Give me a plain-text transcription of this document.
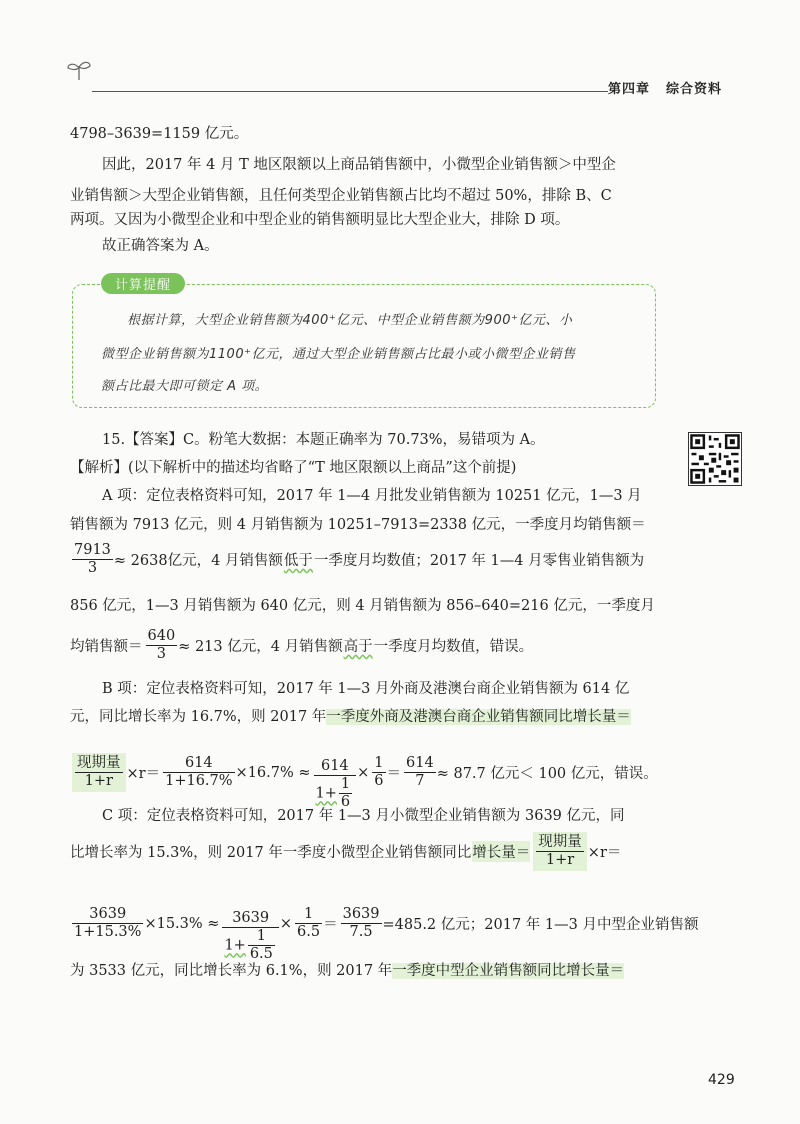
第四章 综合资料
4798–3639=1159 亿元。
因此，2017 年 4 月 T 地区限额以上商品销售额中，小微型企业销售额＞中型企
业销售额＞大型企业销售额，且任何类型企业销售额占比均不超过 50%，排除 B、C
两项。又因为小微型企业和中型企业的销售额明显比大型企业大，排除 D 项。
故正确答案为 A。
计算提醒
根据计算，大型企业销售额为400⁺亿元、中型企业销售额为900⁺亿元、小
微型企业销售额为1100⁺亿元，通过大型企业销售额占比最小或小微型企业销售
额占比最大即可锁定 A 项。
15.【答案】C。粉笔大数据：本题正确率为 70.73%，易错项为 A。
【解析】(以下解析中的描述均省略了“T 地区限额以上商品”这个前提)
A 项：定位表格资料可知，2017 年 1—4 月批发业销售额为 10251 亿元，1—3 月
销售额为 7913 亿元，则 4 月销售额为 10251–7913=2338 亿元，一季度月均销售额＝
$\frac{7913}{3} \approx 2638$亿元，4 月销售额 低于 一季度月均数值；2017 年 1—4 月零售业销售额为
856 亿元，1—3 月销售额为 640 亿元，则 4 月销售额为 856–640=216 亿元，一季度月
均销售额＝ $\frac{640}{3} \approx 213$ 亿元，4 月销售额 高于 一季度月均数值，错误。
B 项：定位表格资料可知，2017 年 1—3 月外商及港澳台商企业销售额为 614 亿
元，同比增长率为 16.7%，则 2017 年一季度外商及港澳台商企业销售额同比增长量＝
$\frac{\text{现期量}}{1+r} \times r= \frac{614}{1+16.7\%} \times 16.7\% \approx \frac{614}{1+ \frac{1}{6}} \times \frac{1}{6} = \frac{614}{7} \approx 87.7$ 亿元＜ 100 亿元，错误。
C 项：定位表格资料可知，2017 年 1—3 月小微型企业销售额为 3639 亿元，同
比增长率为 15.3%，则 2017 年一季度小微型企业销售额同比 增长量＝ $\frac{\text{现期量}}{1+r} \times r=$
$\frac{3639}{1+15.3\%} \times 15.3\% \approx \frac{3639}{1+ \frac{1}{6.5}} \times \frac{1}{6.5} = \frac{3639}{7.5} =485.2$ 亿元；2017 年 1—3 月中型企业销售额
为 3533 亿元，同比增长率为 6.1%，则 2017 年一季度中型企业销售额同比增长量＝
429
